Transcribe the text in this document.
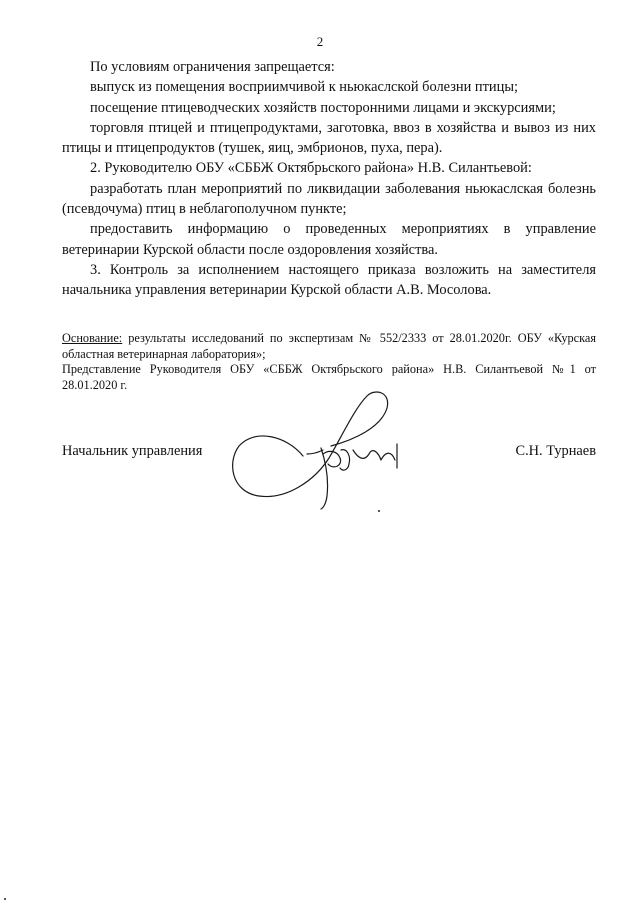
2

По условиям ограничения запрещается:

выпуск из помещения восприимчивой к ньюкаслской болезни птицы;

посещение птицеводческих хозяйств посторонними лицами и экскурсиями;

торговля птицей и птицепродуктами, заготовка, ввоз в хозяйства и вывоз из них птицы и птицепродуктов (тушек, яиц, эмбрионов, пуха, пера).

2. Руководителю ОБУ «СББЖ Октябрьского района» Н.В. Силантьевой:

разработать план мероприятий по ликвидации заболевания ньюкаслская болезнь (псевдочума) птиц в неблагополучном пункте;

предоставить информацию о проведенных мероприятиях в управление ветеринарии Курской области после оздоровления хозяйства.

3. Контроль за исполнением настоящего приказа возложить на заместителя начальника управления ветеринарии Курской области А.В. Мосолова.

Основание: результаты исследований по экспертизам № 552/2333 от 28.01.2020г. ОБУ «Курская областная ветеринарная лаборатория»;

Представление Руководителя ОБУ «СББЖ Октябрьского района» Н.В. Силантьевой №1 от 28.01.2020 г.

Начальник управления	С.Н. Турнаев
